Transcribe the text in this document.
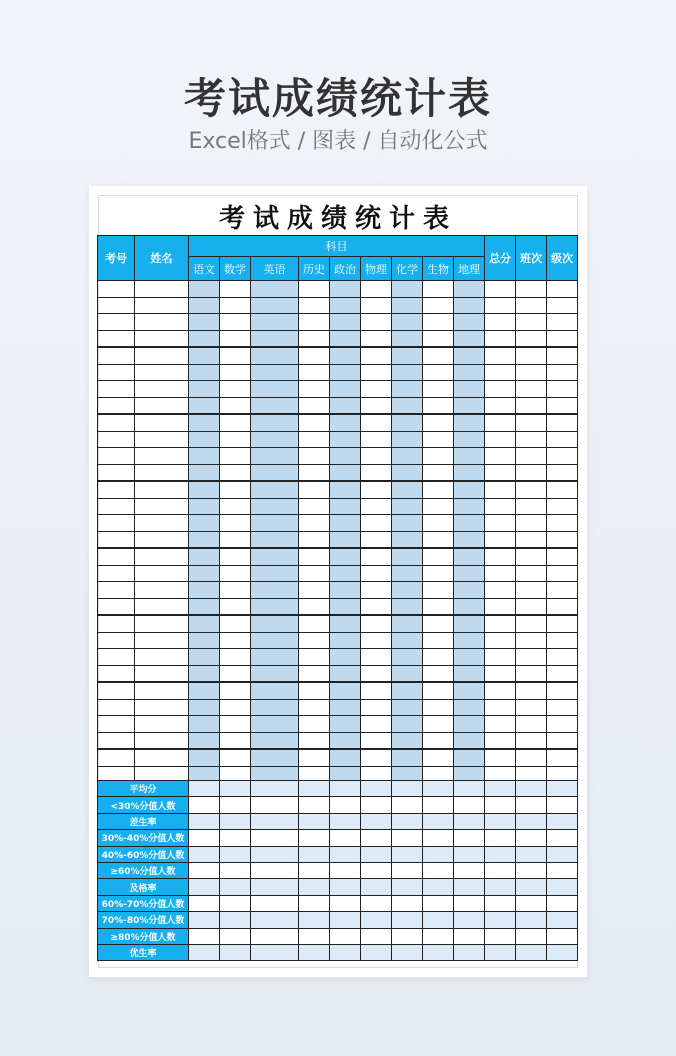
考试成绩统计表
Excel格式 / 图表 / 自动化公式
考试成绩统计表
考号	姓名	科目									总分	班次	级次
		语文	数学	英语	历史	政治	物理	化学	生物	地理			

平均分												
<30%分值人数												
差生率												
30%-40%分值人数												
40%-60%分值人数												
≥60%分值人数												
及格率												
60%-70%分值人数												
70%-80%分值人数												
≥80%分值人数												
优生率												
